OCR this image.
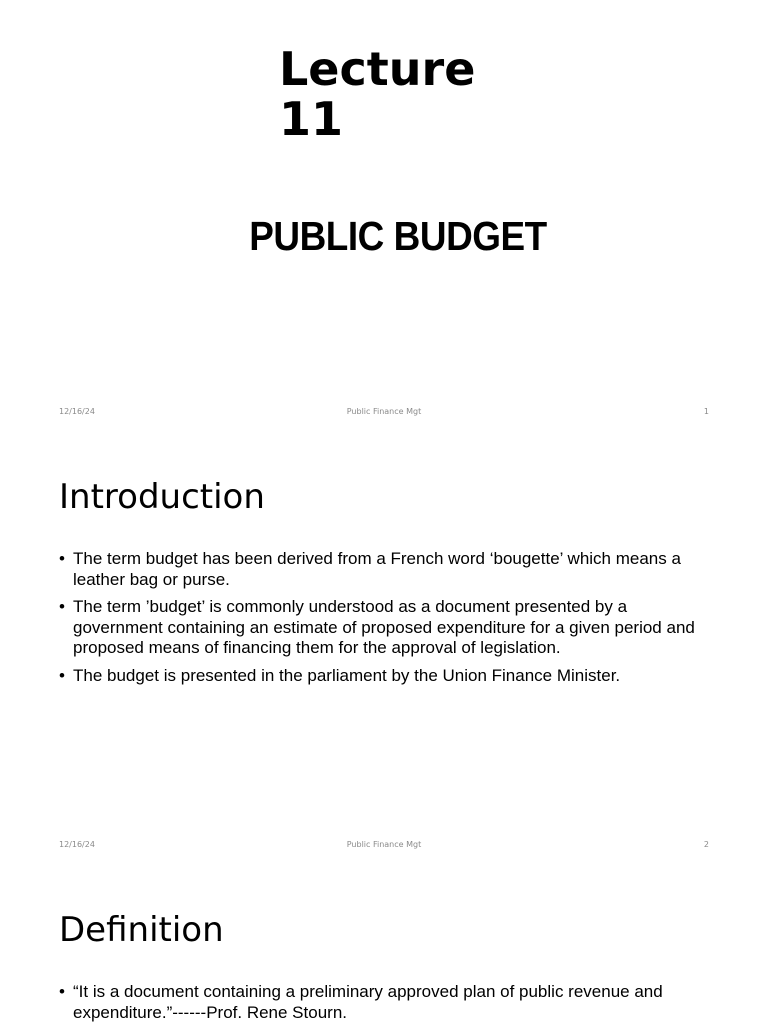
Lecture
11
PUBLIC BUDGET
12/16/24	Public Finance Mgt	1
Introduction
• The term budget has been derived from a French word ‘bougette’ which means a leather bag or purse.
• The term ’budget’ is commonly understood as a document presented by a government containing an estimate of proposed expenditure for a given period and proposed means of financing them for the approval of legislation.
• The budget is presented in the parliament by the Union Finance Minister.
12/16/24	Public Finance Mgt	2
Definition
• “It is a document containing a preliminary approved plan of public revenue and expenditure.”------Prof. Rene Stourn.
